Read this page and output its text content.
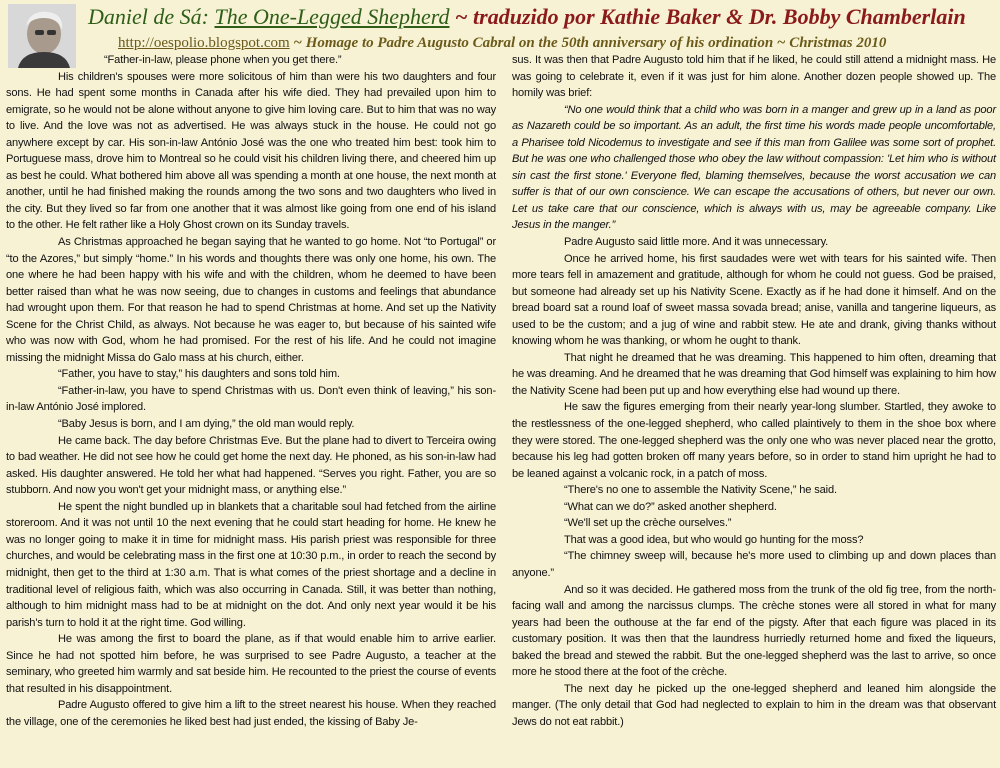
Daniel de Sá: The One-Legged Shepherd ~ traduzido por Kathie Baker & Dr. Bobby Chamberlain
http://oespolio.blogspot.com ~ Homage to Padre Augusto Cabral on the 50th anniversary of his ordination ~ Christmas 2010

“Father-in-law, please phone when you get there.”

His children's spouses were more solicitous of him than were his two daughters and four sons. He had spent some months in Canada after his wife died. They had prevailed upon him to emigrate, so he would not be alone without anyone to give him loving care. But to him that was no way to live. And the love was not as advertised. He was always stuck in the house. He could not go anywhere except by car. His son-in-law António José was the one who treated him best: took him to Portuguese mass, drove him to Montreal so he could visit his children living there, and cheered him up as best he could. What bothered him above all was spending a month at one house, the next month at another, until he had finished making the rounds among the two sons and two daughters who lived in the city. But they lived so far from one another that it was almost like going from one end of his island to the other. He felt rather like a Holy Ghost crown on its Sunday travels.

As Christmas approached he began saying that he wanted to go home. Not “to Portugal” or “to the Azores,” but simply “home.” In his words and thoughts there was only one home, his own. The one where he had been happy with his wife and with the children, whom he deemed to have been better raised than what he was now seeing, due to changes in customs and feelings that abundance had wrought upon them. For that reason he had to spend Christmas at home. And set up the Nativity Scene for the Christ Child, as always. Not because he was eager to, but because of his sainted wife who was now with God, whom he had promised. For the rest of his life. And he could not imagine missing the midnight Missa do Galo mass at his church, either.

“Father, you have to stay,” his daughters and sons told him.

“Father-in-law, you have to spend Christmas with us. Don't even think of leaving,” his son-in-law António José implored.

“Baby Jesus is born, and I am dying,” the old man would reply.

He came back. The day before Christmas Eve. But the plane had to divert to Terceira owing to bad weather. He did not see how he could get home the next day. He phoned, as his son-in-law had asked. His daughter answered. He told her what had happened. “Serves you right. Father, you are so stubborn. And now you won't get your midnight mass, or anything else.”

He spent the night bundled up in blankets that a charitable soul had fetched from the airline storeroom. And it was not until 10 the next evening that he could start heading for home. He knew he was no longer going to make it in time for midnight mass. His parish priest was responsible for three churches, and would be celebrating mass in the first one at 10:30 p.m., in order to reach the second by midnight, then get to the third at 1:30 a.m. That is what comes of the priest shortage and a decline in traditional level of religious faith, which was also occurring in Canada. Still, it was better than nothing, although to him midnight mass had to be at midnight on the dot. And only next year would it be his parish's turn to hold it at the right time. God willing.

He was among the first to board the plane, as if that would enable him to arrive earlier. Since he had not spotted him before, he was surprised to see Padre Augusto, a teacher at the seminary, who greeted him warmly and sat beside him. He recounted to the priest the course of events that resulted in his disappointment.

Padre Augusto offered to give him a lift to the street nearest his house. When they reached the village, one of the ceremonies he liked best had just ended, the kissing of Baby Je-

sus. It was then that Padre Augusto told him that if he liked, he could still attend a midnight mass. He was going to celebrate it, even if it was just for him alone. Another dozen people showed up. The homily was brief:

“No one would think that a child who was born in a manger and grew up in a land as poor as Nazareth could be so important. As an adult, the first time his words made people uncomfortable, a Pharisee told Nicodemus to investigate and see if this man from Galilee was some sort of prophet. But he was one who challenged those who obey the law without compassion: 'Let him who is without sin cast the first stone.' Everyone fled, blaming themselves, because the worst accusation we can suffer is that of our own conscience. We can escape the accusations of others, but never our own. Let us take care that our conscience, which is always with us, may be agreeable company. Like Jesus in the manger.”

Padre Augusto said little more. And it was unnecessary.

Once he arrived home, his first saudades were wet with tears for his sainted wife. Then more tears fell in amazement and gratitude, although for whom he could not guess. God be praised, but someone had already set up his Nativity Scene. Exactly as if he had done it himself. And on the bread board sat a round loaf of sweet massa sovada bread; anise, vanilla and tangerine liqueurs, as used to be the custom; and a jug of wine and rabbit stew. He ate and drank, giving thanks without knowing whom he was thanking, or whom he ought to thank.

That night he dreamed that he was dreaming. This happened to him often, dreaming that he was dreaming. And he dreamed that he was dreaming that God himself was explaining to him how the Nativity Scene had been put up and how everything else had wound up there.

He saw the figures emerging from their nearly year-long slumber. Startled, they awoke to the restlessness of the one-legged shepherd, who called plaintively to them in the shoe box where they were stored. The one-legged shepherd was the only one who was never placed near the grotto, because his leg had gotten broken off many years before, so in order to stand him upright he had to be leaned against a volcanic rock, in a patch of moss.

“There's no one to assemble the Nativity Scene,” he said.

“What can we do?” asked another shepherd.

“We'll set up the crèche ourselves.”

That was a good idea, but who would go hunting for the moss?

“The chimney sweep will, because he's more used to climbing up and down places than anyone.”

And so it was decided. He gathered moss from the trunk of the old fig tree, from the north-facing wall and among the narcissus clumps. The crèche stones were all stored in what for many years had been the outhouse at the far end of the pigsty. After that each figure was placed in its customary position. It was then that the laundress hurriedly returned home and fixed the liqueurs, baked the bread and stewed the rabbit. But the one-legged shepherd was the last to arrive, so once more he stood there at the foot of the crèche.

The next day he picked up the one-legged shepherd and leaned him alongside the manger. (The only detail that God had neglected to explain to him in the dream was that observant Jews do not eat rabbit.)
